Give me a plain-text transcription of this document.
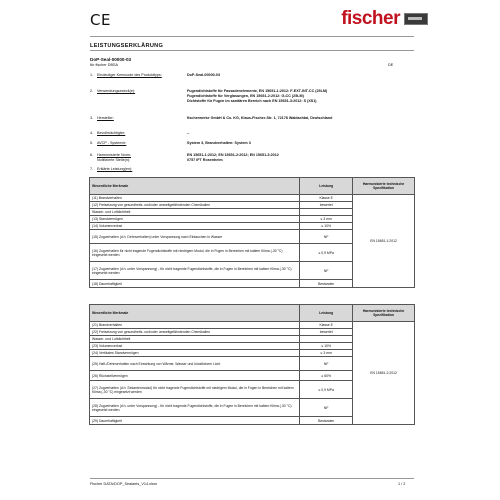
CE	fischer
LEISTUNGSERKLÄRUNG
DoP-Seal-00000-03
für fischer DBSA	DE
1.	Eindeutiger Kenncode des Produkttyps:	DoP-Seal-00000-03
2.	Verwendungszweck(e):	Fugendichtstoffe für Fassadenelemente, EN 15651-1:2012: F-EXT-INT-CC (25LM)
Fugendichtstoffe für Verglasungen, EN 15651-2:2012: G-CC (25LM)
Dichtstoffe für Fugen im sanitären Bereich nach EN 15651-3:2012: S (XS1)
3.	Hersteller:	fischerwerke GmbH & Co. KG, Klaus-Fischer-Str. 1, 72178 Waldachtal, Deutschland
4.	Bevollmächtigter:	--
5.	AVCP - System/e:	System 3, Brandverhalten: System 3
6.	Harmonisierte Norm:	EN 15651-1:2012; EN 15651-2:2012; EN 15651-3:2012
Notifizierte Stelle(n):	0757 IFT Rosenheim
7.	Erklärte Leistung(en):
Wesentliche Merkmale	Leistung	Harmonisierte technische Spezifikation
(11) Brandverhalten	Klasse E	EN 15651-1:2012
(12) Freisetzung von gesundheits- und/oder umweltgefährdenden Chemikalien	bewertet	
Wasser- und Luftdichtheit		
(13) Standvermögen	≤ 3 mm	
(14) Volumenverlust	≤ 10%	
(15) Zugverhalten (d.h. Dehnverhalten) unter Vorspannung nach Eintauchen in Wasser	NF	
(16) Zugverhalten für nicht tragende Fugendichtstoffe mit niedrigem Modul, die in Fugen in Bereichen mit kaltem Klima (-30 °C) eingesetzt werden	≤ 0,9 MPa	
(17) Zugverhalten (d.h. unter Vorspannung) - für nicht tragende Fugendichtstoffe, die in Fugen in Bereichen mit kaltem Klima (-30 °C) eingesetzt werden	NF	
(18) Dauerhaftigkeit	Bestanden	
Wesentliche Merkmale	Leistung	Harmonisierte technische Spezifikation
(21) Brandverhalten	Klasse E	EN 15651-2:2012
(22) Freisetzung von gesundheits- und/oder umweltgefährdenden Chemikalien	bewertet	
Wasser- und Luftdichtheit		
(23) Volumenverlust	≤ 10%	
(24) Vertikales Standvermögen	≤ 3 mm	
(25) Haft-/Dehnverhalten nach Einwirkung von Wärme, Wasser und künstlichem Licht	NF	
(26) Rückstellvermögen	≥ 60%	
(27) Zugverhalten (d.h. Sekantenmodul) für nicht tragende Fugendichtstoffe mit niedrigem Modul, die in Fugen in Bereichen mit kaltem Klima (-30 °C) eingesetzt werden	≤ 0,9 MPa	
(28) Zugverhalten (d.h. unter Vorspannung) - für nicht tragende Fugendichtstoffe, die in Fugen in Bereichen mit kaltem Klima (-30 °C) eingesetzt werden	NF	
(29) Dauerhaftigkeit	Bestanden	
Fischer DATA/DOP_Sealants_V14.xlsm	1 / 2
